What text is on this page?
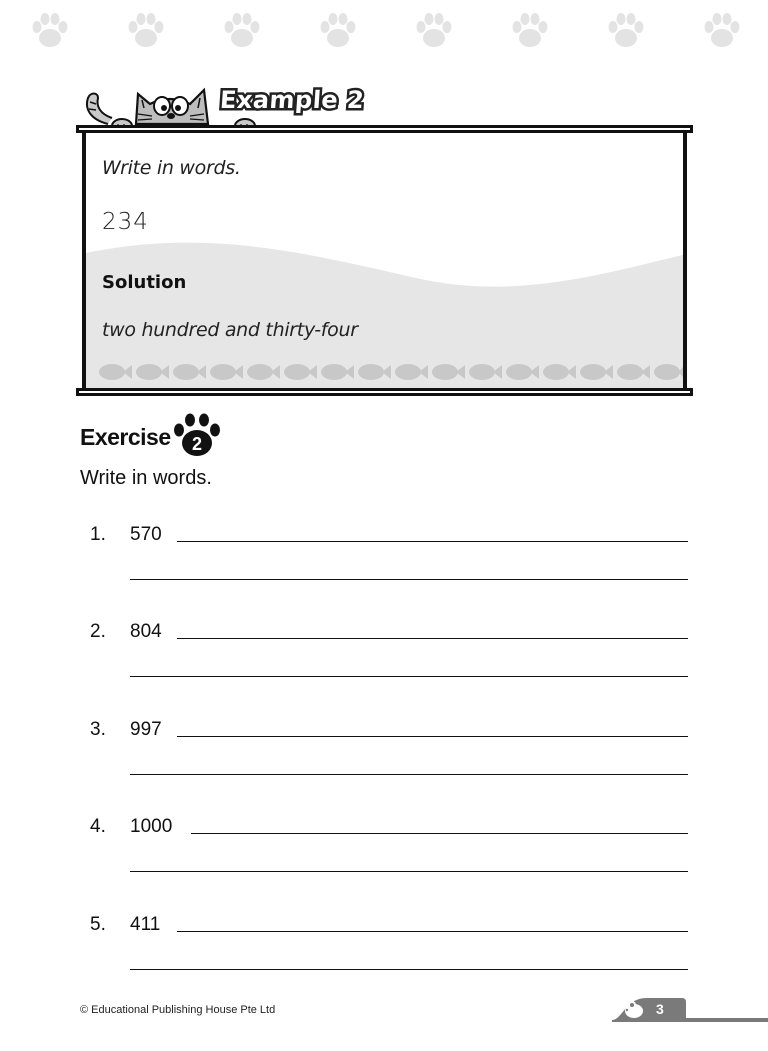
Example 2
Write in words.
234
Solution
two hundred and thirty-four
Exercise 2
Write in words.
1. 570
2. 804
3. 997
4. 1000
5. 411
© Educational Publishing House Pte Ltd	3
